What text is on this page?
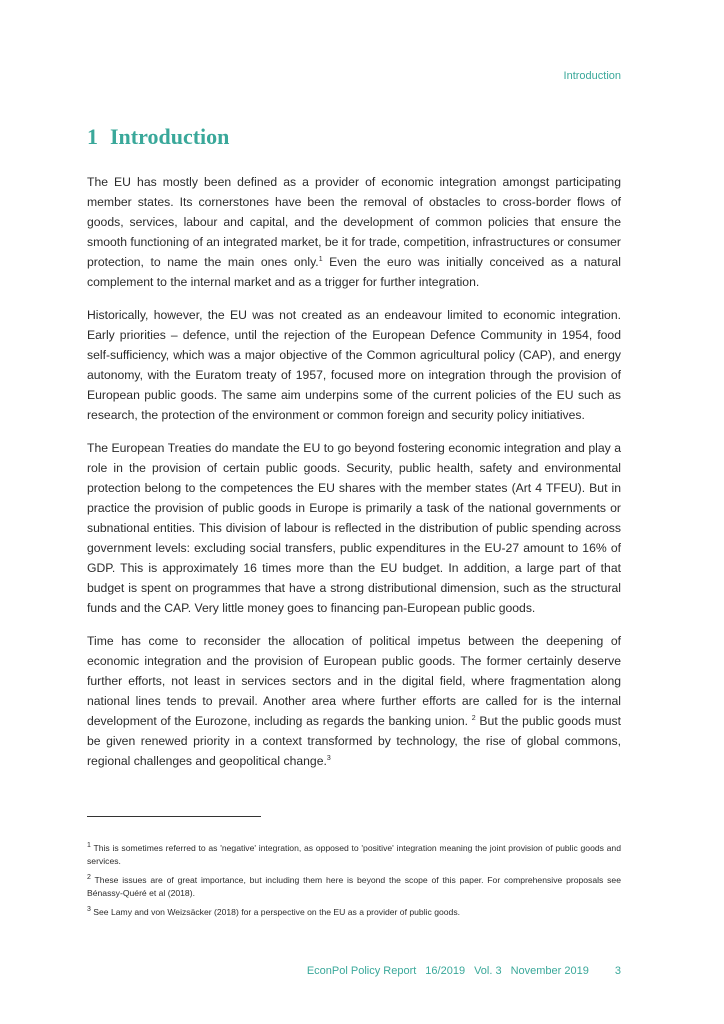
Introduction
1 Introduction

The EU has mostly been defined as a provider of economic integration amongst participating member states. Its cornerstones have been the removal of obstacles to cross-border flows of goods, services, labour and capital, and the development of common policies that ensure the smooth functioning of an integrated market, be it for trade, competition, infrastructures or consumer protection, to name the main ones only.$^1$ Even the euro was initially conceived as a natural complement to the internal market and as a trigger for further integration.

Historically, however, the EU was not created as an endeavour limited to economic integration. Early priorities – defence, until the rejection of the European Defence Community in 1954, food self-sufficiency, which was a major objective of the Common agricultural policy (CAP), and energy autonomy, with the Euratom treaty of 1957, focused more on integration through the provision of European public goods. The same aim underpins some of the current policies of the EU such as research, the protection of the environment or common foreign and security policy initiatives.

The European Treaties do mandate the EU to go beyond fostering economic integration and play a role in the provision of certain public goods. Security, public health, safety and environmental protection belong to the competences the EU shares with the member states (Art 4 TFEU). But in practice the provision of public goods in Europe is primarily a task of the national governments or subnational entities. This division of labour is reflected in the distribution of public spending across government levels: excluding social transfers, public expenditures in the EU-27 amount to 16% of GDP. This is approximately 16 times more than the EU budget. In addition, a large part of that budget is spent on programmes that have a strong distributional dimension, such as the structural funds and the CAP. Very little money goes to financing pan-European public goods.

Time has come to reconsider the allocation of political impetus between the deepening of economic integration and the provision of European public goods. The former certainly deserve further efforts, not least in services sectors and in the digital field, where fragmentation along national lines tends to prevail. Another area where further efforts are called for is the internal development of the Eurozone, including as regards the banking union. $^2$ But the public goods must be given renewed priority in a context transformed by technology, the rise of global commons, regional challenges and geopolitical change.$^3$

$^1$ This is sometimes referred to as 'negative' integration, as opposed to 'positive' integration meaning the joint provision of public goods and services.

$^2$ These issues are of great importance, but including them here is beyond the scope of this paper. For comprehensive proposals see Bénassy-Quéré et al (2018).

$^3$ See Lamy and von Weizsäcker (2018) for a perspective on the EU as a provider of public goods.

EconPol Policy Report 16/2019 Vol. 3 November 2019 3
